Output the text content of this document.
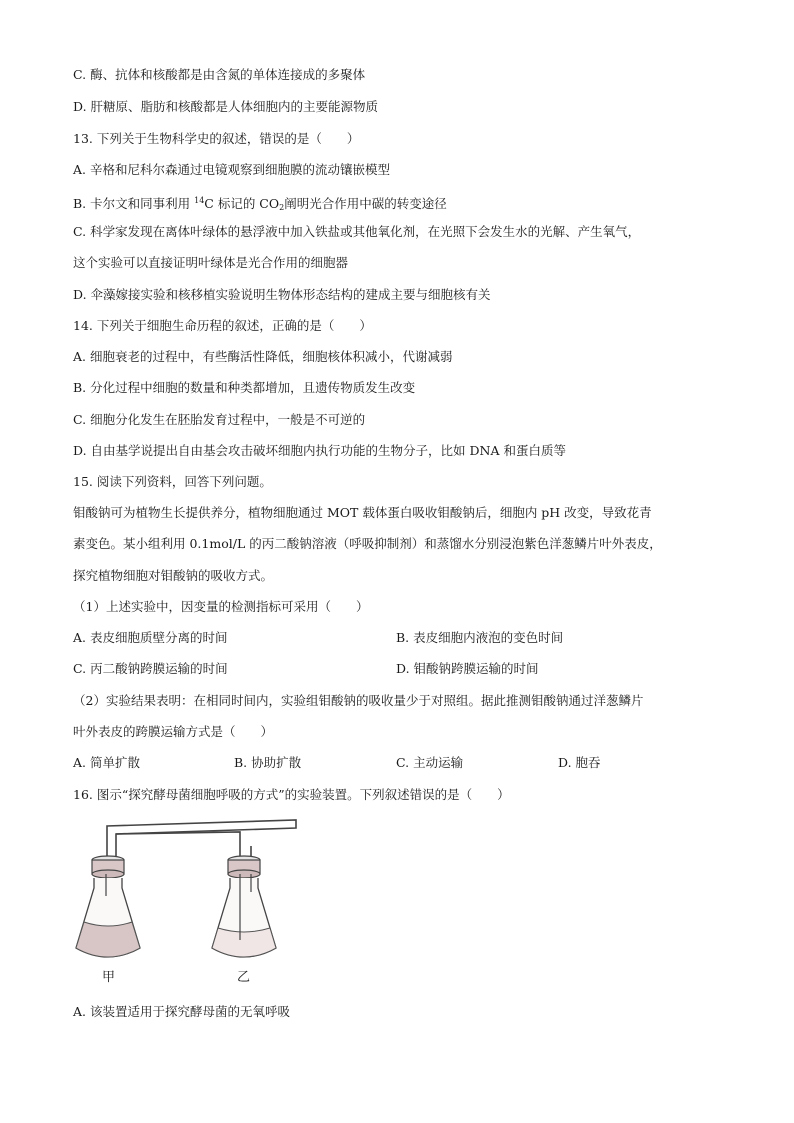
C. 酶、抗体和核酸都是由含氮的单体连接成的多聚体
D. 肝糖原、脂肪和核酸都是人体细胞内的主要能源物质
13. 下列关于生物科学史的叙述，错误的是（　　）
A. 辛格和尼科尔森通过电镜观察到细胞膜的流动镶嵌模型
B. 卡尔文和同事利用 $^{14}$C 标记的 $CO_2$阐明光合作用中碳的转变途径
C. 科学家发现在离体叶绿体的悬浮液中加入铁盐或其他氧化剂，在光照下会发生水的光解、产生氧气，
这个实验可以直接证明叶绿体是光合作用的细胞器
D. 伞藻嫁接实验和核移植实验说明生物体形态结构的建成主要与细胞核有关
14. 下列关于细胞生命历程的叙述，正确的是（　　）
A. 细胞衰老的过程中，有些酶活性降低，细胞核体积减小，代谢减弱
B. 分化过程中细胞的数量和种类都增加，且遗传物质发生改变
C. 细胞分化发生在胚胎发育过程中，一般是不可逆的
D. 自由基学说提出自由基会攻击破坏细胞内执行功能的生物分子，比如 DNA 和蛋白质等
15. 阅读下列资料，回答下列问题。
钼酸钠可为植物生长提供养分，植物细胞通过 MOT 载体蛋白吸收钼酸钠后，细胞内 pH 改变，导致花青
素变色。某小组利用 0.1mol/L 的丙二酸钠溶液（呼吸抑制剂）和蒸馏水分别浸泡紫色洋葱鳞片叶外表皮，
探究植物细胞对钼酸钠的吸收方式。
（1）上述实验中，因变量的检测指标可采用（　　）
A. 表皮细胞质壁分离的时间	B. 表皮细胞内液泡的变色时间
C. 丙二酸钠跨膜运输的时间	D. 钼酸钠跨膜运输的时间
（2）实验结果表明：在相同时间内，实验组钼酸钠的吸收量少于对照组。据此推测钼酸钠通过洋葱鳞片
叶外表皮的跨膜运输方式是（　　）
A. 简单扩散	B. 协助扩散	C. 主动运输	D. 胞吞
16. 图示“探究酵母菌细胞呼吸的方式”的实验装置。下列叙述错误的是（　　）
甲	乙
A. 该装置适用于探究酵母菌的无氧呼吸
